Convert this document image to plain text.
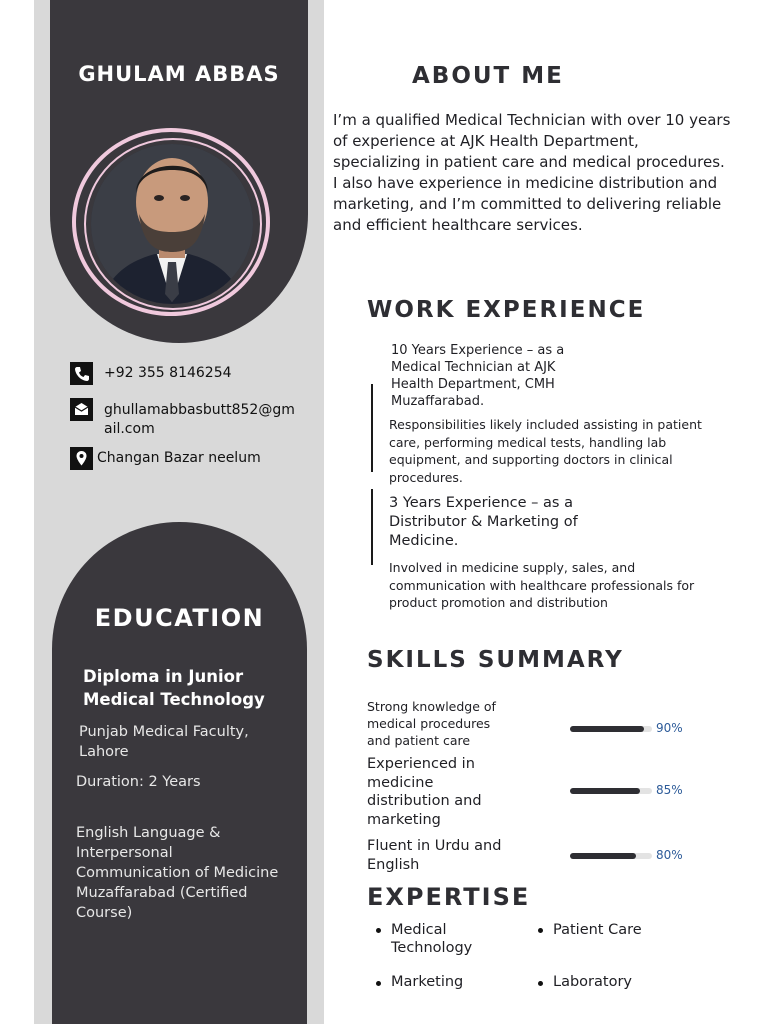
GHULAM ABBAS
+92 355 8146254
ghullamabbasbutt852@gm
ail.com
Changan Bazar neelum
EDUCATION
Diploma in Junior
Medical Technology
Punjab Medical Faculty,
Lahore
Duration: 2 Years
English Language &
Interpersonal
Communication of Medicine
Muzaffarabad (Certified
Course)
ABOUT ME
I’m a qualified Medical Technician with over 10 years
of experience at AJK Health Department,
specializing in patient care and medical procedures.
I also have experience in medicine distribution and
marketing, and I’m committed to delivering reliable
and efficient healthcare services.
WORK EXPERIENCE
10 Years Experience – as a
Medical Technician at AJK
Health Department, CMH
Muzaffarabad.
Responsibilities likely included assisting in patient
care, performing medical tests, handling lab
equipment, and supporting doctors in clinical
procedures.
3 Years Experience – as a
Distributor & Marketing of
Medicine.
Involved in medicine supply, sales, and
communication with healthcare professionals for
product promotion and distribution
SKILLS SUMMARY
Strong knowledge of
medical procedures
and patient care
90%
Experienced in
medicine
distribution and
marketing
85%
Fluent in Urdu and
English
80%
EXPERTISE
Medical
Technology
Patient Care
Marketing	Laboratory
